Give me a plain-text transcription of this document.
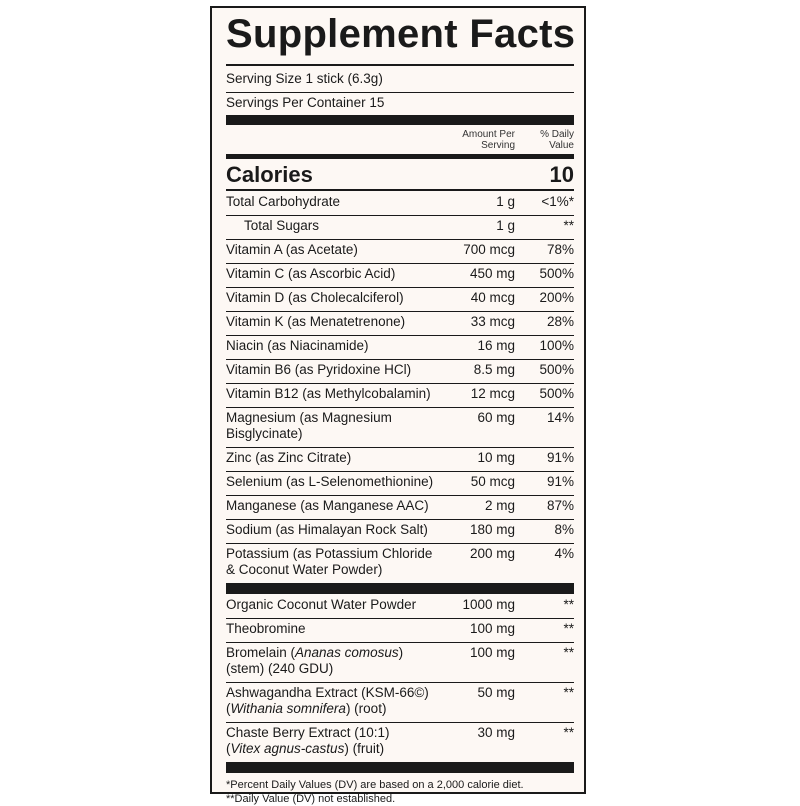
Supplement Facts
Serving Size 1 stick (6.3g)
Servings Per Container 15
Amount Per
Serving
% Daily
Value
Calories	10
Total Carbohydrate	1 g <1%*
Total Sugars	1 g	**
Vitamin A (as Acetate)	700 mcg 78%
Vitamin C (as Ascorbic Acid)	450 mg 500%
Vitamin D (as Cholecalciferol)	40 mcg 200%
Vitamin K (as Menatetrenone)	33 mcg 28%
Niacin (as Niacinamide)	16 mg 100%
Vitamin B6 (as Pyridoxine HCl)	8.5 mg 500%
Vitamin B12 (as Methylcobalamin)	12 mcg 500%
Magnesium (as Magnesium
Bisglycinate)
60 mg 14%
Zinc (as Zinc Citrate)	10 mg 91%
Selenium (as L-Selenomethionine)	50 mcg 91%
Manganese (as Manganese AAC)	2 mg 87%
Sodium (as Himalayan Rock Salt)	180 mg	8%
Potassium (as Potassium Chloride
& Coconut Water Powder)
200 mg	4%
Organic Coconut Water Powder	1000 mg	**
Theobromine	100 mg	**
Bromelain (Ananas comosus)
(stem) (240 GDU)
100 mg	**
Ashwagandha Extract (KSM-66©)
(Withania somnifera) (root)
50 mg	**
Chaste Berry Extract (10:1)
(Vitex agnus-castus) (fruit)
30 mg	**
*Percent Daily Values (DV) are based on a 2,000 calorie diet.
**Daily Value (DV) not established.
